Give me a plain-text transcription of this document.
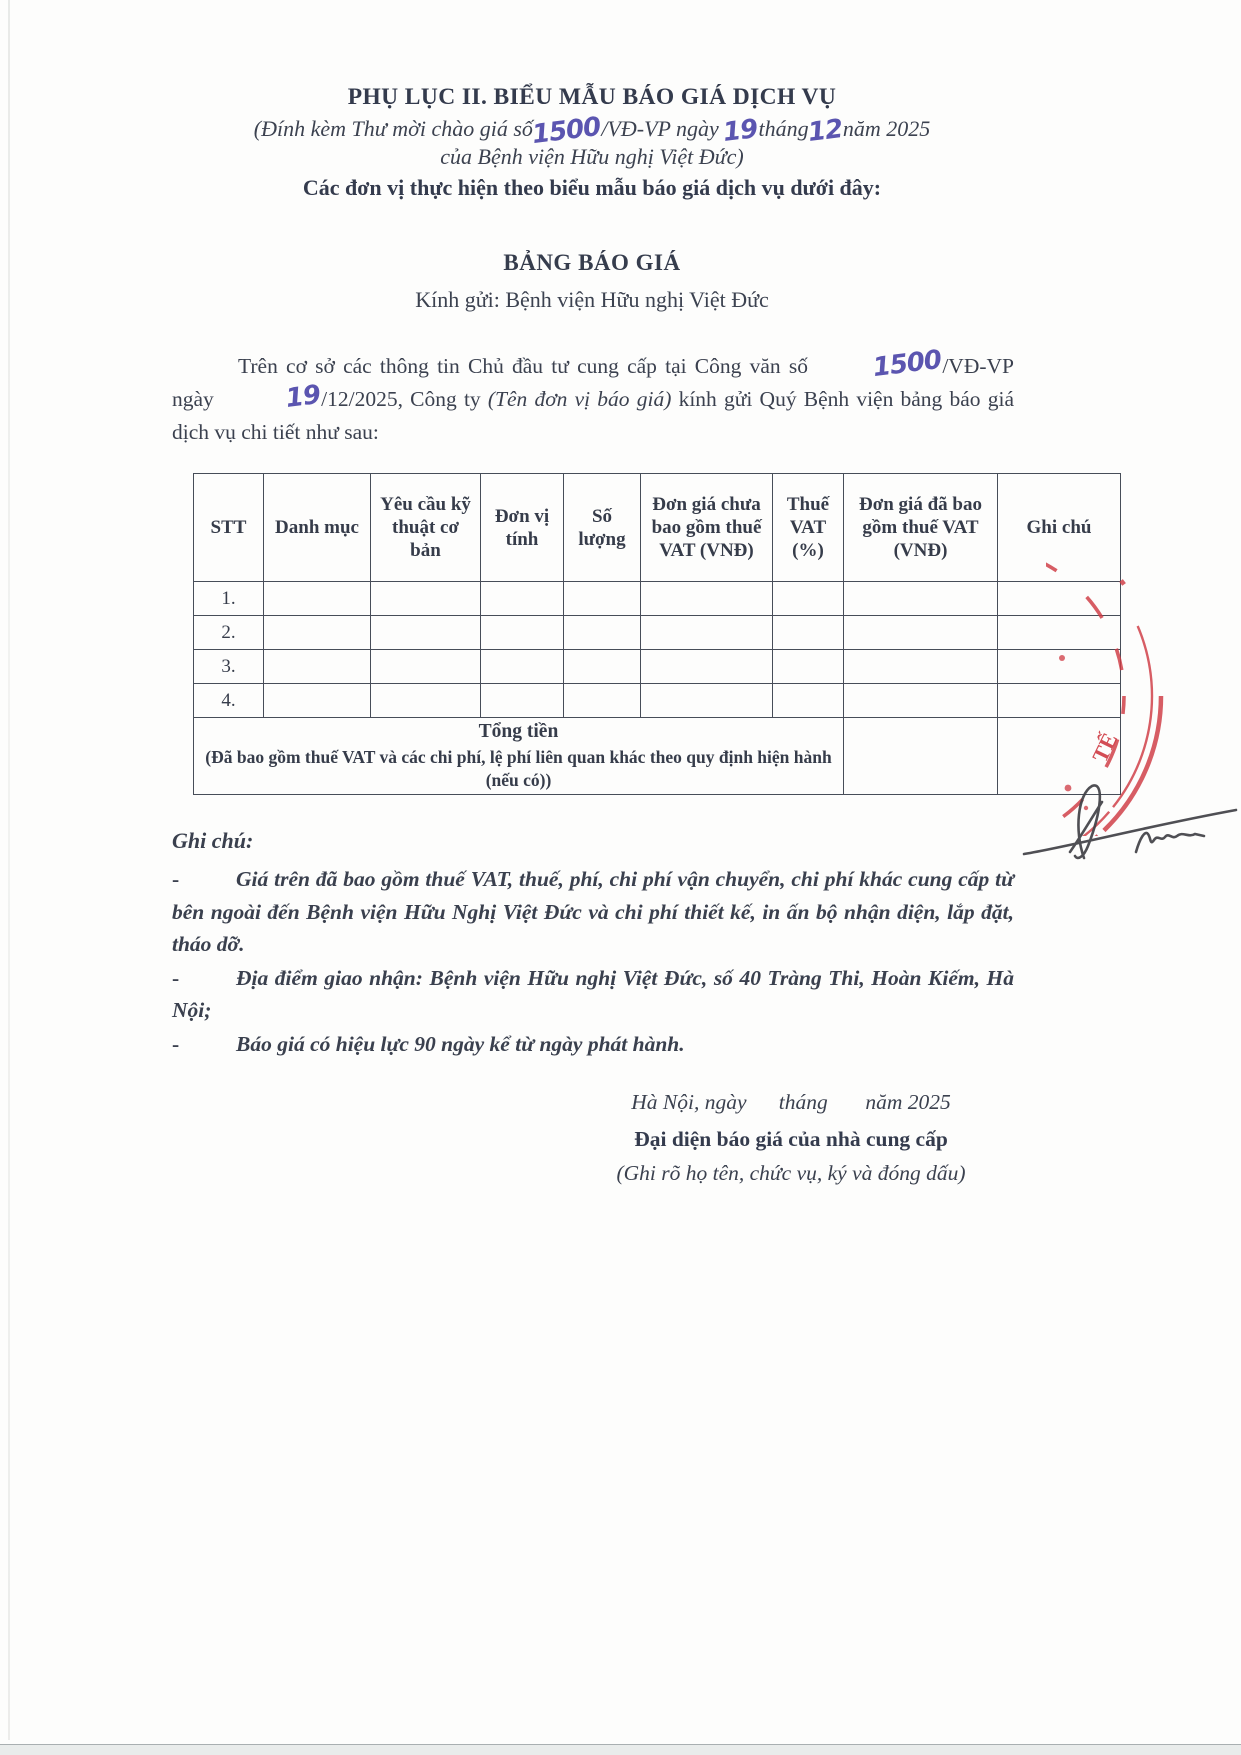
PHỤ LỤC II. BIỂU MẪU BÁO GIÁ DỊCH VỤ
(Đính kèm Thư mời chào giá số1500/VĐ-VP ngày 19tháng12năm 2025
của Bệnh viện Hữu nghị Việt Đức)
Các đơn vị thực hiện theo biểu mẫu báo giá dịch vụ dưới đây:
BẢNG BÁO GIÁ
Kính gửi: Bệnh viện Hữu nghị Việt Đức
Trên cơ sở các thông tin Chủ đầu tư cung cấp tại Công văn số 1500/VĐ-VP ngày 19/12/2025, Công ty (Tên đơn vị báo giá) kính gửi Quý Bệnh viện bảng báo giá dịch vụ chi tiết như sau:
STT	Danh mục	Yêu cầu kỹ thuật cơ bản	Đơn vị tính	Số lượng	Đơn giá chưa bao gồm thuế VAT (VNĐ)	Thuế VAT (%)	Đơn giá đã bao gồm thuế VAT (VNĐ)	Ghi chú
1.								
2.								
3.								
4.								

Tổng tiền
(Đã bao gồm thuế VAT và các chi phí, lệ phí liên quan khác theo quy định hiện hành (nếu có))								

Ghi chú:
-	Giá trên đã bao gồm thuế VAT, thuế, phí, chi phí vận chuyển, chi phí khác cung cấp từ bên ngoài đến Bệnh viện Hữu Nghị Việt Đức và chi phí thiết kế, in ấn bộ nhận diện, lắp đặt, tháo dỡ.
-	Địa điểm giao nhận: Bệnh viện Hữu nghị Việt Đức, số 40 Tràng Thi, Hoàn Kiếm, Hà Nội;
-	Báo giá có hiệu lực 90 ngày kể từ ngày phát hành.
Hà Nội, ngày      tháng       năm 2025
Đại diện báo giá của nhà cung cấp
(Ghi rõ họ tên, chức vụ, ký và đóng dấu)
TẾ
